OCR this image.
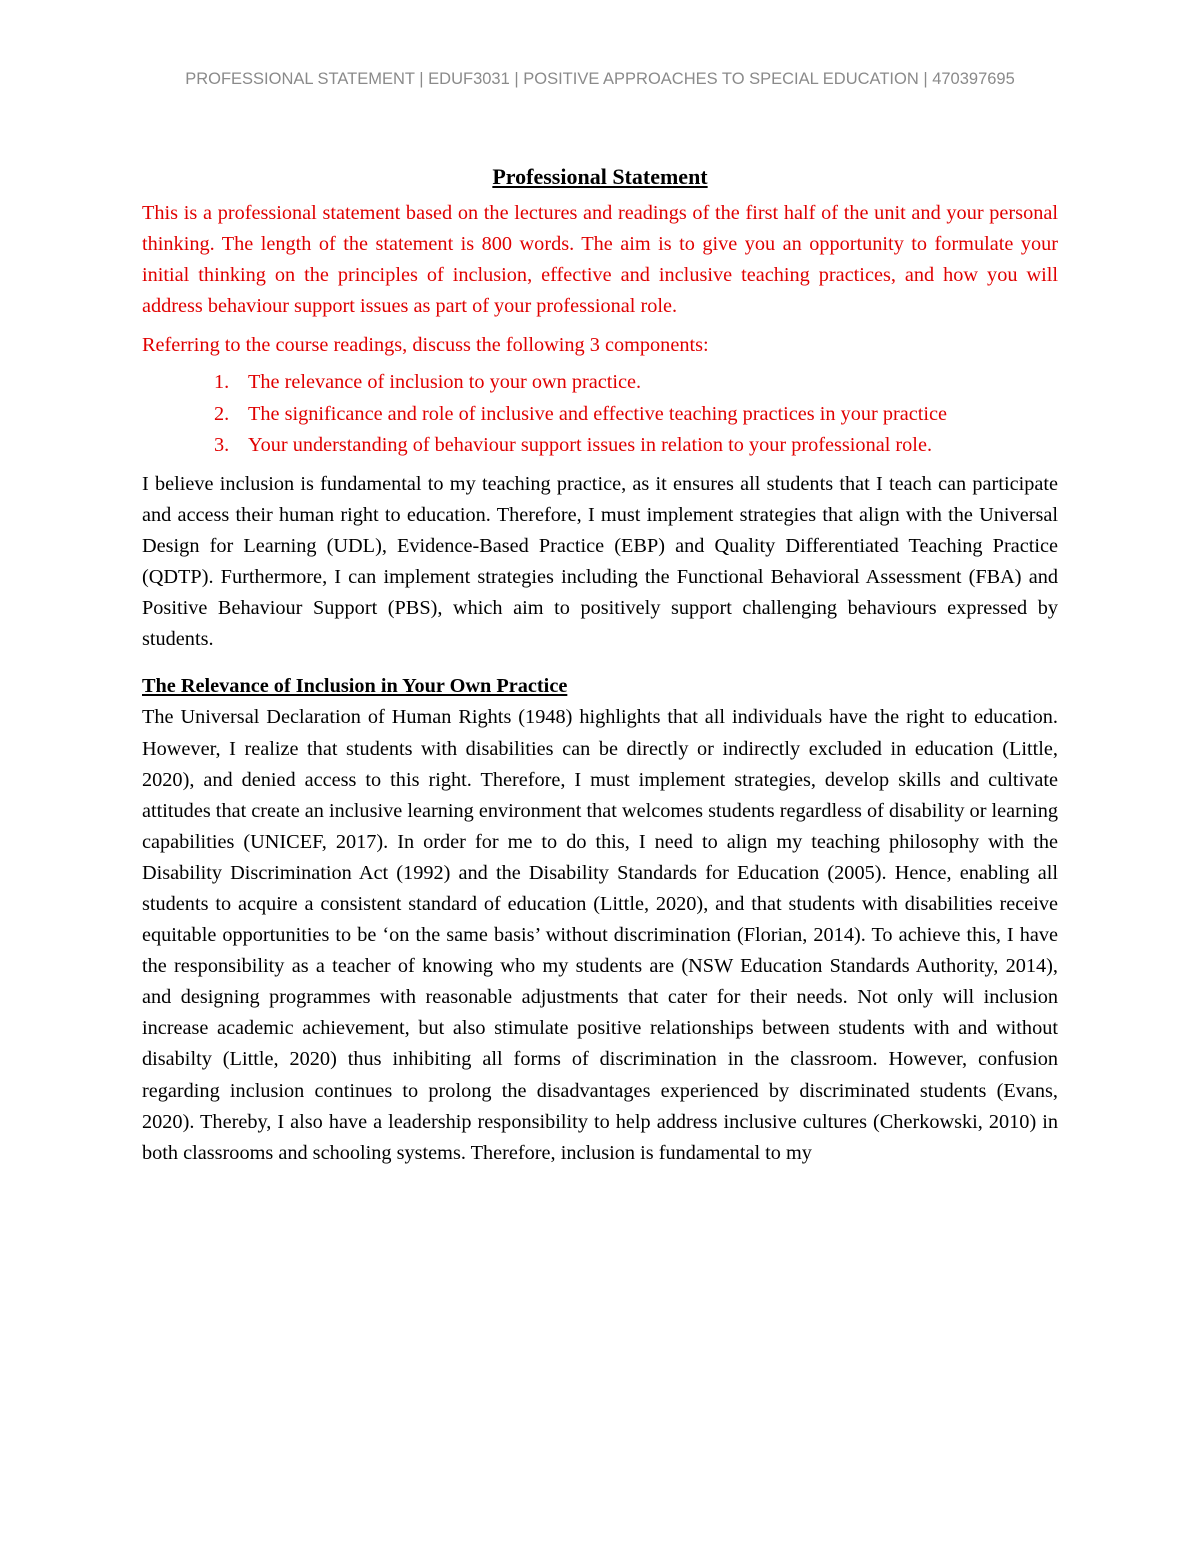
PROFESSIONAL STATEMENT | EDUF3031 | POSITIVE APPROACHES TO SPECIAL EDUCATION | 470397695
Professional Statement

This is a professional statement based on the lectures and readings of the first half of the unit and your personal thinking. The length of the statement is 800 words. The aim is to give you an opportunity to formulate your initial thinking on the principles of inclusion, effective and inclusive teaching practices, and how you will address behaviour support issues as part of your professional role.

Referring to the course readings, discuss the following 3 components:

1. The relevance of inclusion to your own practice.
2. The significance and role of inclusive and effective teaching practices in your practice
3. Your understanding of behaviour support issues in relation to your professional role.

I believe inclusion is fundamental to my teaching practice, as it ensures all students that I teach can participate and access their human right to education. Therefore, I must implement strategies that align with the Universal Design for Learning (UDL), Evidence-Based Practice (EBP) and Quality Differentiated Teaching Practice (QDTP). Furthermore, I can implement strategies including the Functional Behavioral Assessment (FBA) and Positive Behaviour Support (PBS), which aim to positively support challenging behaviours expressed by students.

The Relevance of Inclusion in Your Own Practice

The Universal Declaration of Human Rights (1948) highlights that all individuals have the right to education. However, I realize that students with disabilities can be directly or indirectly excluded in education (Little, 2020), and denied access to this right. Therefore, I must implement strategies, develop skills and cultivate attitudes that create an inclusive learning environment that welcomes students regardless of disability or learning capabilities (UNICEF, 2017). In order for me to do this, I need to align my teaching philosophy with the Disability Discrimination Act (1992) and the Disability Standards for Education (2005). Hence, enabling all students to acquire a consistent standard of education (Little, 2020), and that students with disabilities receive equitable opportunities to be ‘on the same basis’ without discrimination (Florian, 2014). To achieve this, I have the responsibility as a teacher of knowing who my students are (NSW Education Standards Authority, 2014), and designing programmes with reasonable adjustments that cater for their needs. Not only will inclusion increase academic achievement, but also stimulate positive relationships between students with and without disabilty (Little, 2020) thus inhibiting all forms of discrimination in the classroom. However, confusion regarding inclusion continues to prolong the disadvantages experienced by discriminated students (Evans, 2020). Thereby, I also have a leadership responsibility to help address inclusive cultures (Cherkowski, 2010) in both classrooms and schooling systems. Therefore, inclusion is fundamental to my
